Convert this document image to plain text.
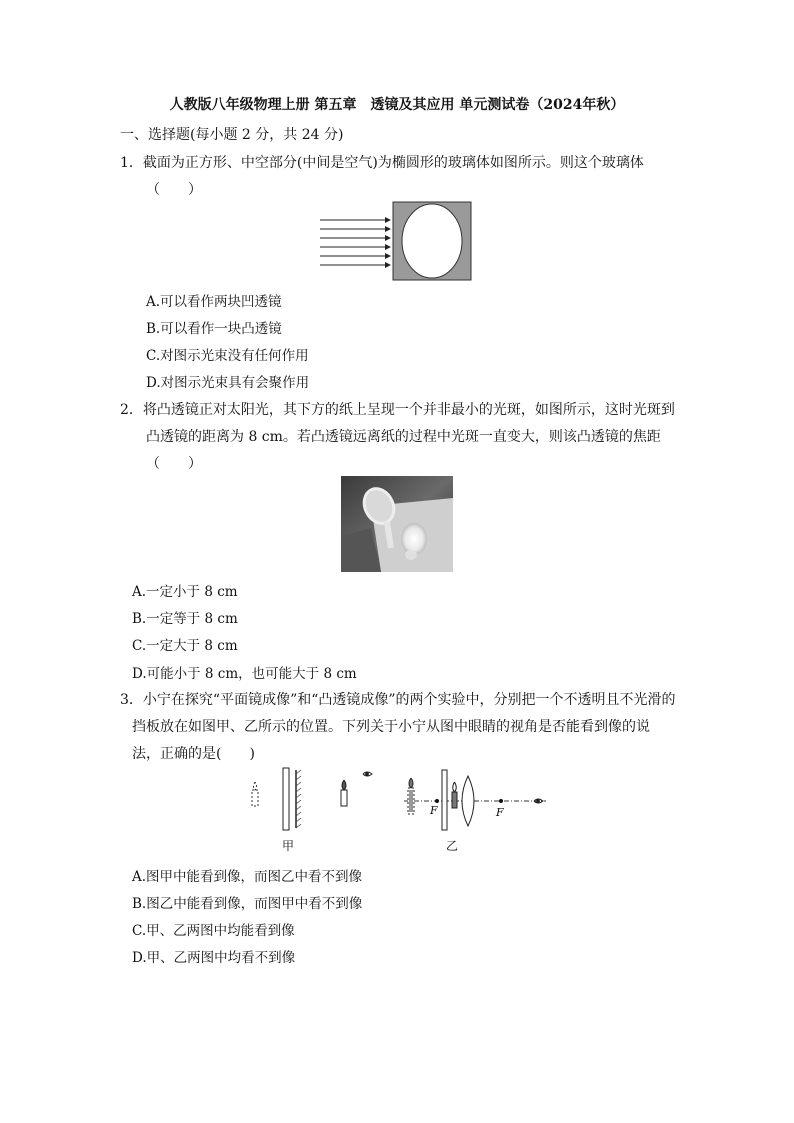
人教版八年级物理上册 第五章　透镜及其应用 单元测试卷（2024年秋）
一、选择题(每小题 2 分，共 24 分)
1．截面为正方形、中空部分(中间是空气)为椭圆形的玻璃体如图所示。则这个玻璃体
（　　）
A.可以看作两块凹透镜
B.可以看作一块凸透镜
C.对图示光束没有任何作用
D.对图示光束具有会聚作用
2．将凸透镜正对太阳光，其下方的纸上呈现一个并非最小的光斑，如图所示，这时光斑到
凸透镜的距离为 8 cm。若凸透镜远离纸的过程中光斑一直变大，则该凸透镜的焦距
（　　）
A.一定小于 8 cm
B.一定等于 8 cm
C.一定大于 8 cm
D.可能小于 8 cm，也可能大于 8 cm
3．小宁在探究“平面镜成像”和“凸透镜成像”的两个实验中，分别把一个不透明且不光滑的
挡板放在如图甲、乙所示的位置。下列关于小宁从图中眼睛的视角是否能看到像的说
法，正确的是(　　)
甲
F	F
乙
A.图甲中能看到像，而图乙中看不到像
B.图乙中能看到像，而图甲中看不到像
C.甲、乙两图中均能看到像
D.甲、乙两图中均看不到像
